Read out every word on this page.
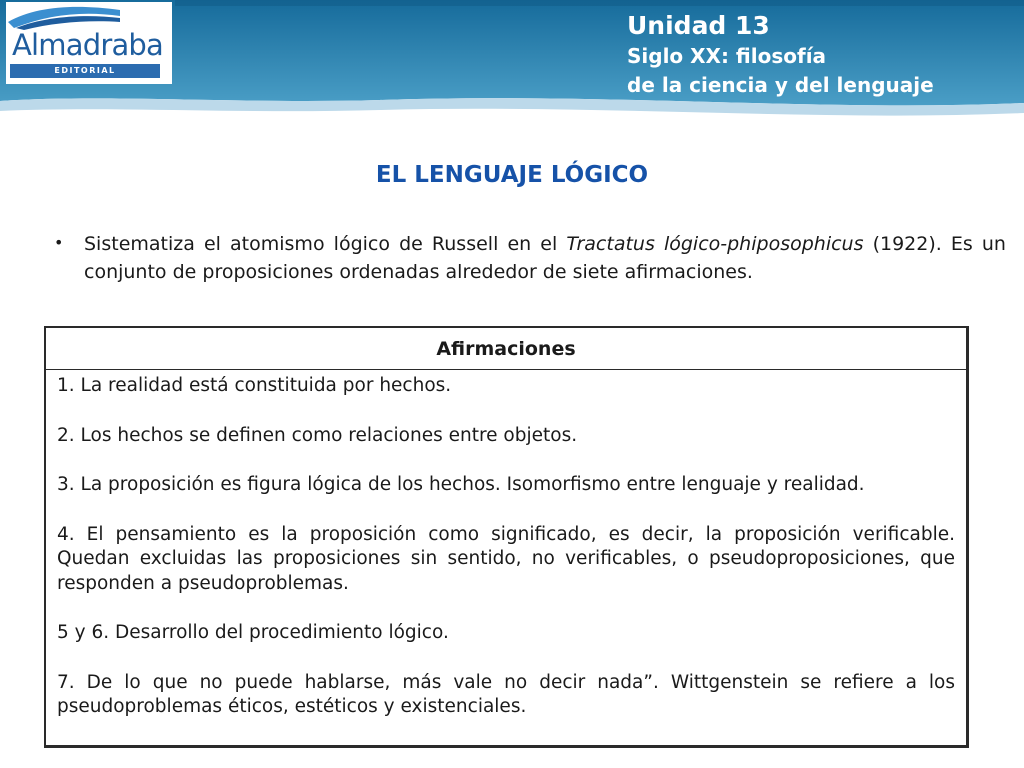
Almadraba
EDITORIAL
Unidad 13
Siglo XX: filosofía
de la ciencia y del lenguaje
EL LENGUAJE LÓGICO
• Sistematiza el atomismo lógico de Russell en el Tractatus lógico-phiposophicus (1922). Es un conjunto de proposiciones ordenadas alrededor de siete afirmaciones.
Afirmaciones

1. La realidad está constituida por hechos.

2. Los hechos se definen como relaciones entre objetos.

3. La proposición es figura lógica de los hechos. Isomorfismo entre lenguaje y realidad.

4. El pensamiento es la proposición como significado, es decir, la proposición verificable. Quedan excluidas las proposiciones sin sentido, no verificables, o pseudoproposiciones, que responden a pseudoproblemas.

5 y 6. Desarrollo del procedimiento lógico.

7. De lo que no puede hablarse, más vale no decir nada”. Wittgenstein se refiere a los pseudoproblemas éticos, estéticos y existenciales.
